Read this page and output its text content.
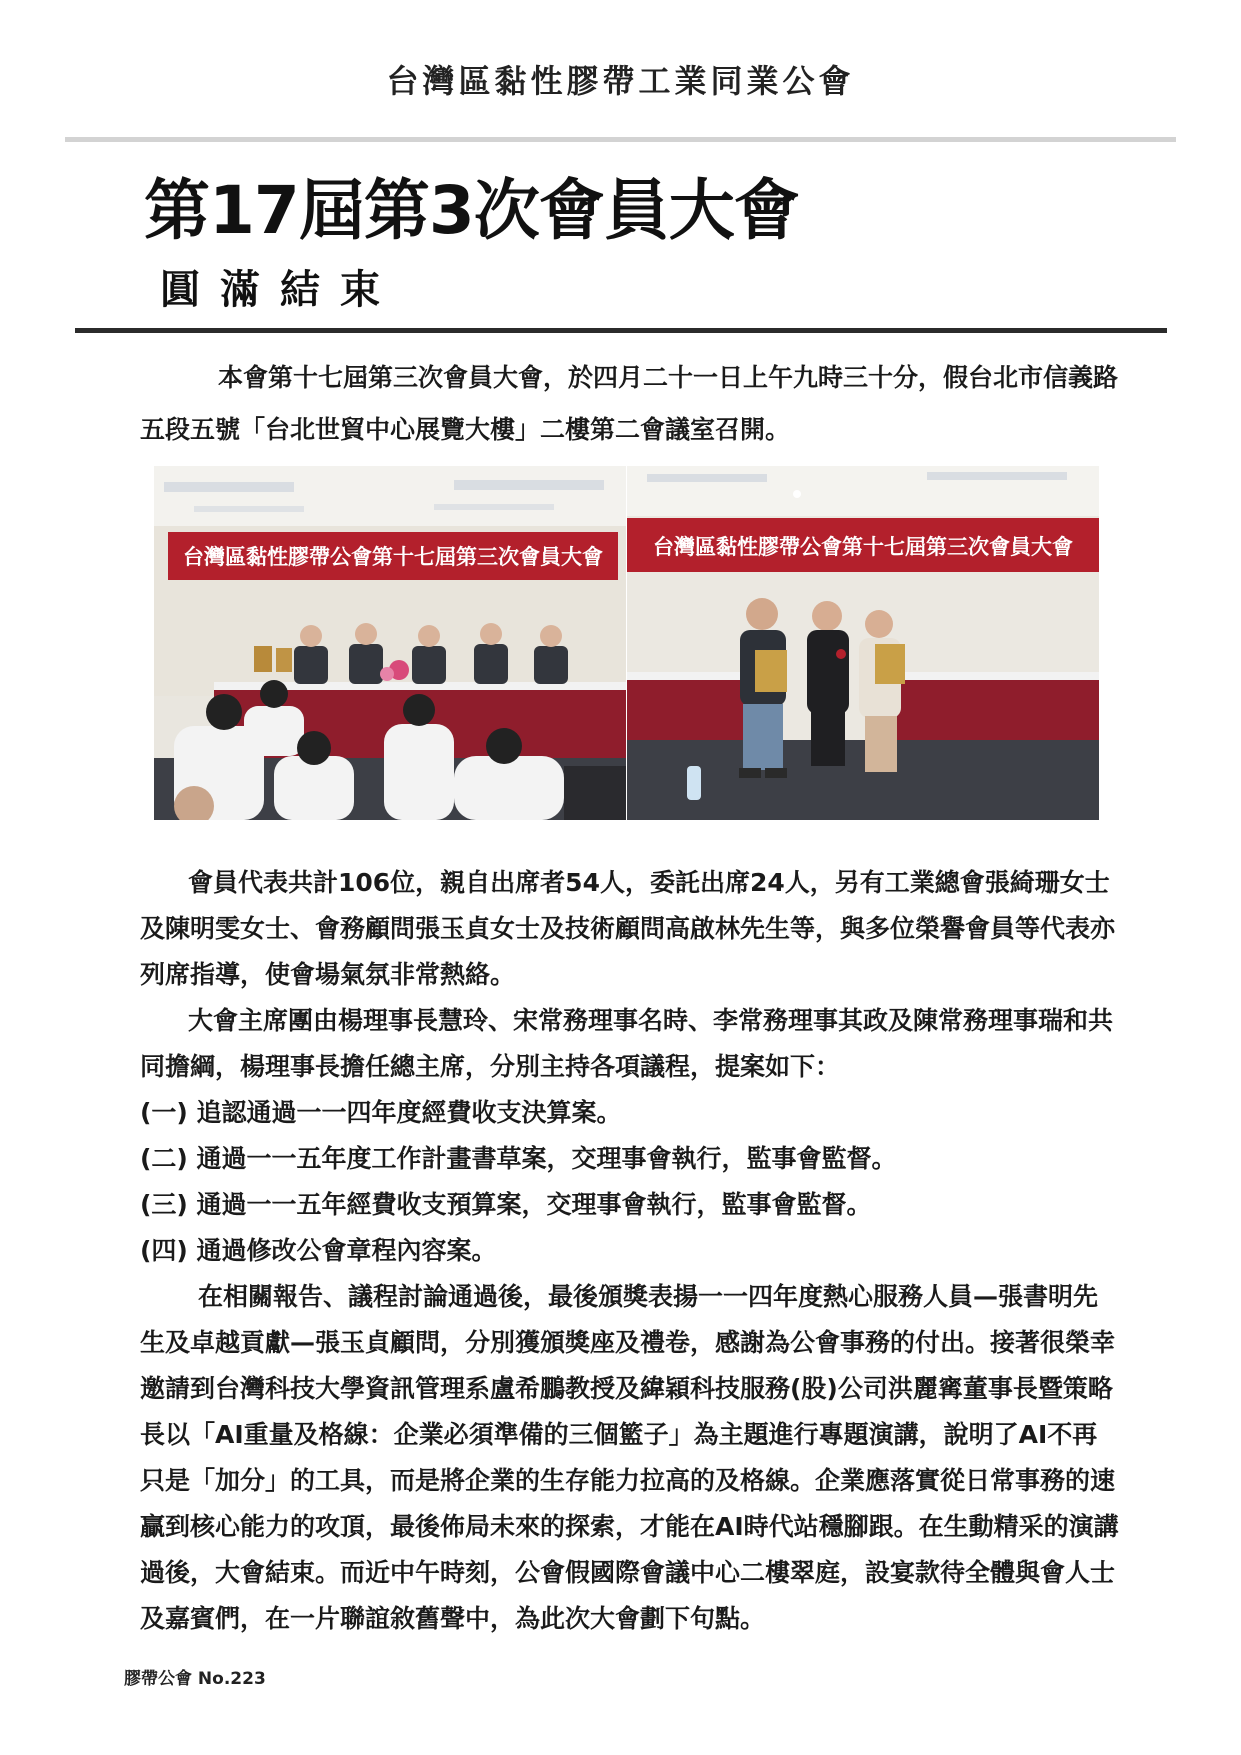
台灣區黏性膠帶工業同業公會
第17屆第3次會員大會
圓滿結束

本會第十七屆第三次會員大會，於四月二十一日上午九時三十分，假台北市信義路五段五號「台北世貿中心展覽大樓」二樓第二會議室召開。

台灣區黏性膠帶公會第十七屆第三次會員大會 台灣區黏性膠帶公會第十七屆第三次會員大會

會員代表共計106位，親自出席者54人，委託出席24人，另有工業總會張綺珊女士及陳明雯女士、會務顧問張玉貞女士及技術顧問高啟林先生等，與多位榮譽會員等代表亦列席指導，使會場氣氛非常熱絡。

大會主席團由楊理事長慧玲、宋常務理事名時、李常務理事其政及陳常務理事瑞和共同擔綱，楊理事長擔任總主席，分別主持各項議程，提案如下：

(一) 追認通過一一四年度經費收支決算案。
(二) 通過一一五年度工作計畫書草案，交理事會執行，監事會監督。
(三) 通過一一五年經費收支預算案，交理事會執行，監事會監督。
(四) 通過修改公會章程內容案。

在相關報告、議程討論通過後，最後頒獎表揚一一四年度熱心服務人員—張書明先生及卓越貢獻—張玉貞顧問，分別獲頒獎座及禮卷，感謝為公會事務的付出。接著很榮幸邀請到台灣科技大學資訊管理系盧希鵬教授及緯穎科技服務(股)公司洪麗寗董事長暨策略長以「AI重量及格線：企業必須準備的三個籃子」為主題進行專題演講，說明了AI不再只是「加分」的工具，而是將企業的生存能力拉高的及格線。企業應落實從日常事務的速贏到核心能力的攻頂，最後佈局未來的探索，才能在AI時代站穩腳跟。在生動精采的演講過後，大會結束。而近中午時刻，公會假國際會議中心二樓翠庭，設宴款待全體與會人士及嘉賓們，在一片聯誼敘舊聲中，為此次大會劃下句點。

膠帶公會 No.223
